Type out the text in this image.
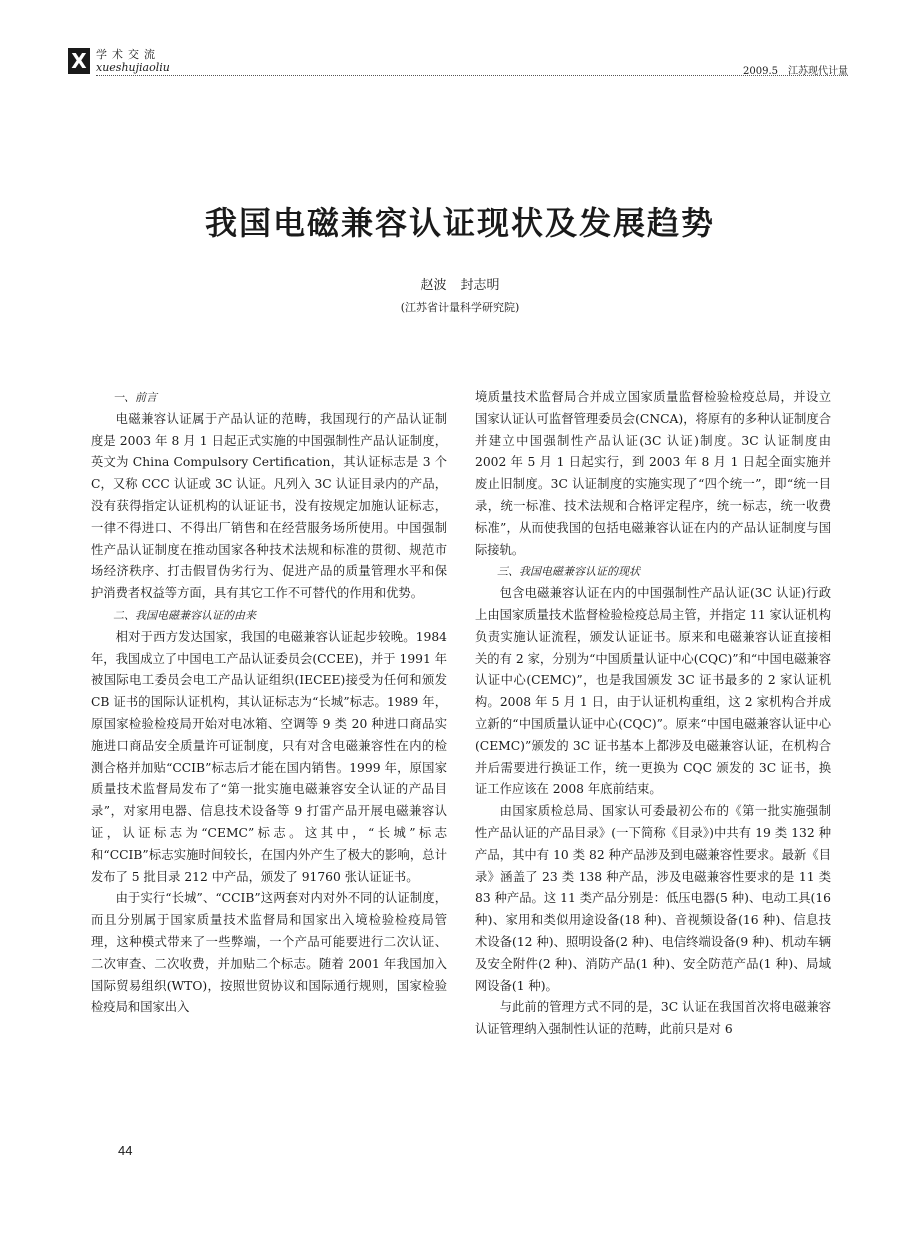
X 学术交流
xueshujiaoliu	2009.5 江苏现代计量
我国电磁兼容认证现状及发展趋势
赵波 封志明
(江苏省计量科学研究院)
一、前言

电磁兼容认证属于产品认证的范畴，我国现行的产品认证制度是 2003 年 8 月 1 日起正式实施的中国强制性产品认证制度，英文为 China Compulsory Certification，其认证标志是 3 个 C，又称 CCC 认证或 3C 认证。凡列入 3C 认证目录内的产品，没有获得指定认证机构的认证证书，没有按规定加施认证标志，一律不得进口、不得出厂销售和在经营服务场所使用。中国强制性产品认证制度在推动国家各种技术法规和标准的贯彻、规范市场经济秩序、打击假冒伪劣行为、促进产品的质量管理水平和保护消费者权益等方面，具有其它工作不可替代的作用和优势。

二、我国电磁兼容认证的由来

相对于西方发达国家，我国的电磁兼容认证起步较晚。1984 年，我国成立了中国电工产品认证委员会(CCEE)，并于 1991 年被国际电工委员会电工产品认证组织(IECEE)接受为任何和颁发 CB 证书的国际认证机构，其认证标志为“长城”标志。1989 年，原国家检验检疫局开始对电冰箱、空调等 9 类 20 种进口商品实施进口商品安全质量许可证制度，只有对含电磁兼容性在内的检测合格并加贴“CCIB”标志后才能在国内销售。1999 年，原国家质量技术监督局发布了“第一批实施电磁兼容安全认证的产品目录”，对家用电器、信息技术设备等 9 打雷产品开展电磁兼容认证，认证标志为“CEMC”标志。这其中，“长城”标志和“CCIB”标志实施时间较长，在国内外产生了极大的影响，总计发布了 5 批目录 212 中产品，颁发了 91760 张认证证书。

由于实行“长城”、“CCIB”这两套对内对外不同的认证制度，而且分别属于国家质量技术监督局和国家出入境检验检疫局管理，这种模式带来了一些弊端，一个产品可能要进行二次认证、二次审查、二次收费，并加贴二个标志。随着 2001 年我国加入国际贸易组织(WTO)，按照世贸协议和国际通行规则，国家检验检疫局和国家出入

境质量技术监督局合并成立国家质量监督检验检疫总局，并设立国家认证认可监督管理委员会(CNCA)，将原有的多种认证制度合并建立中国强制性产品认证(3C 认证)制度。3C 认证制度由 2002 年 5 月 1 日起实行，到 2003 年 8 月 1 日起全面实施并废止旧制度。3C 认证制度的实施实现了“四个统一”，即“统一目录，统一标准、技术法规和合格评定程序，统一标志，统一收费标准”，从而使我国的包括电磁兼容认证在内的产品认证制度与国际接轨。

三、我国电磁兼容认证的现状

包含电磁兼容认证在内的中国强制性产品认证(3C 认证)行政上由国家质量技术监督检验检疫总局主管，并指定 11 家认证机构负责实施认证流程，颁发认证证书。原来和电磁兼容认证直接相关的有 2 家，分别为“中国质量认证中心(CQC)”和“中国电磁兼容认证中心(CEMC)”，也是我国颁发 3C 证书最多的 2 家认证机构。2008 年 5 月 1 日，由于认证机构重组，这 2 家机构合并成立新的“中国质量认证中心(CQC)”。原来“中国电磁兼容认证中心(CEMC)”颁发的 3C 证书基本上都涉及电磁兼容认证，在机构合并后需要进行换证工作，统一更换为 CQC 颁发的 3C 证书，换证工作应该在 2008 年底前结束。

由国家质检总局、国家认可委最初公布的《第一批实施强制性产品认证的产品目录》(一下简称《目录》)中共有 19 类 132 种产品，其中有 10 类 82 种产品涉及到电磁兼容性要求。最新《目录》涵盖了 23 类 138 种产品，涉及电磁兼容性要求的是 11 类 83 种产品。这 11 类产品分别是：低压电器(5 种)、电动工具(16 种)、家用和类似用途设备(18 种)、音视频设备(16 种)、信息技术设备(12 种)、照明设备(2 种)、电信终端设备(9 种)、机动车辆及安全附件(2 种)、消防产品(1 种)、安全防范产品(1 种)、局域网设备(1 种)。

与此前的管理方式不同的是，3C 认证在我国首次将电磁兼容认证管理纳入强制性认证的范畴，此前只是对 6

44
